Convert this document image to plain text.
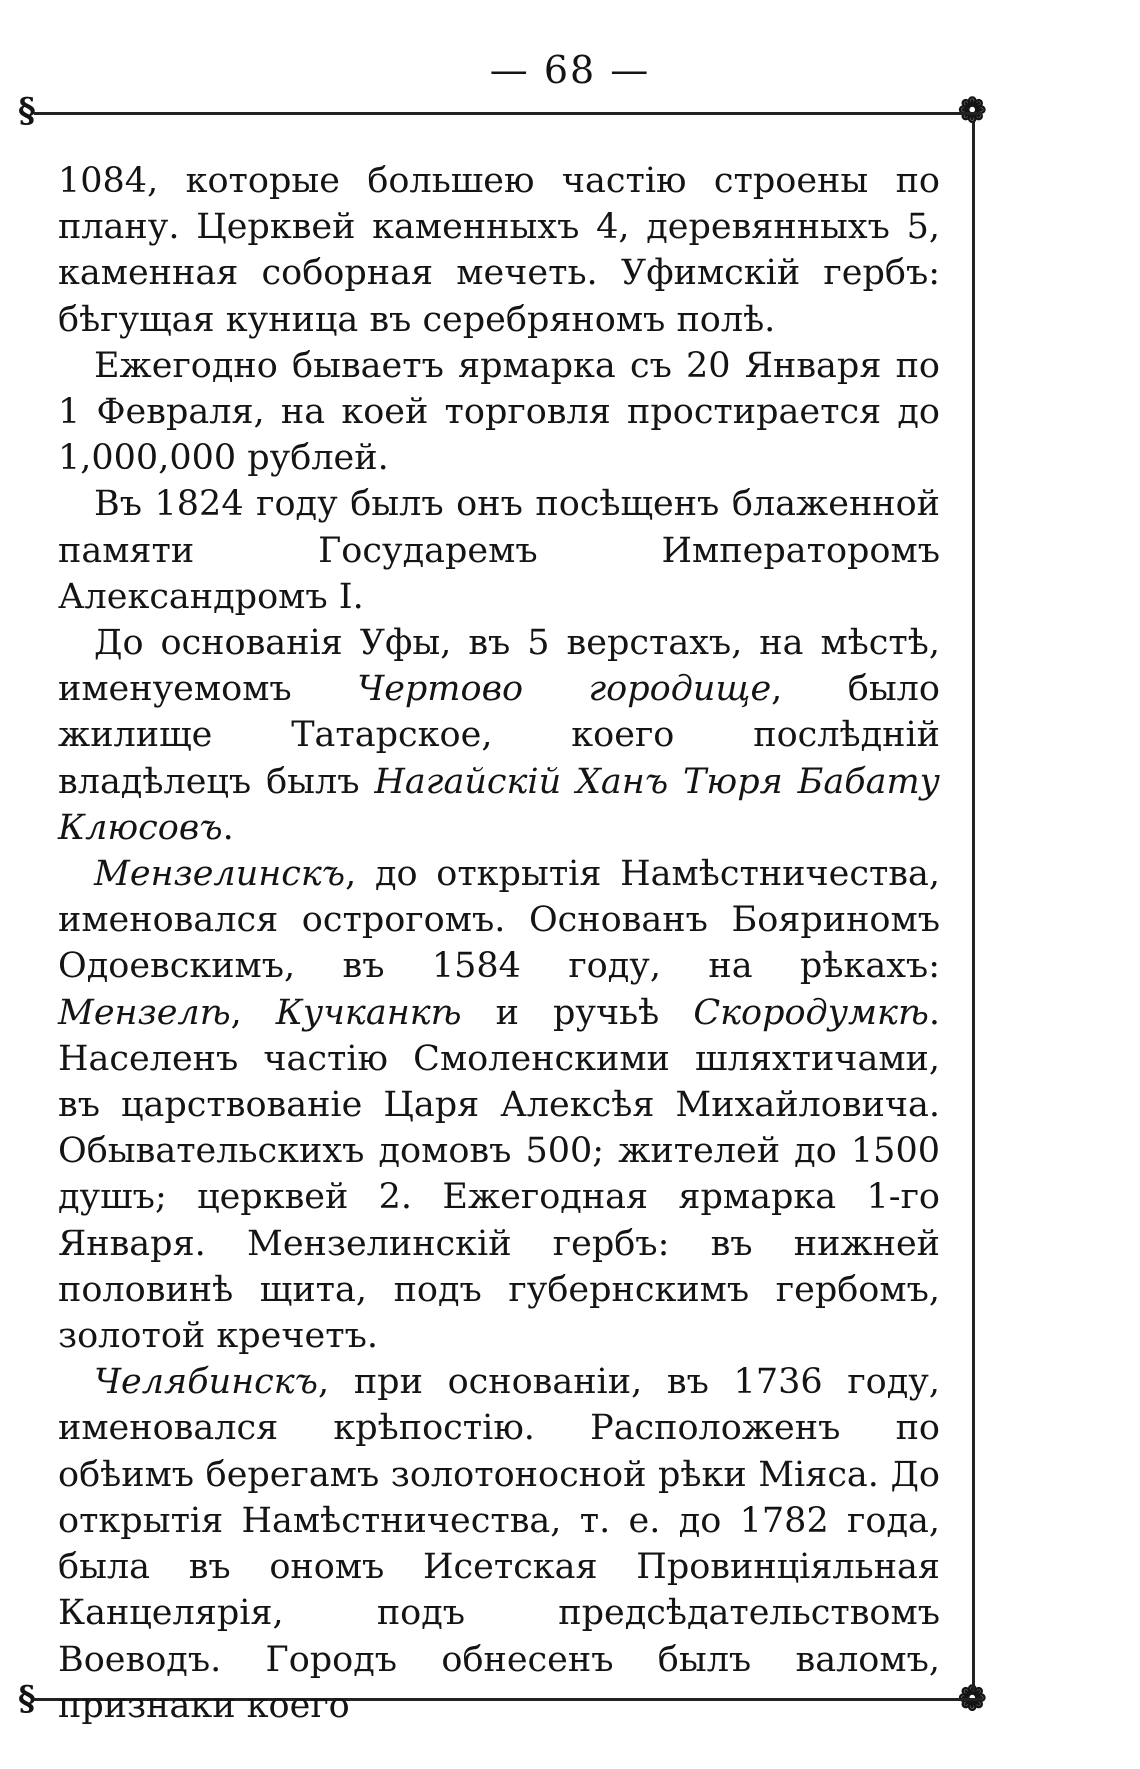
— 68 —
§	❁
§	❁

1084, которые большею частію строены по плану. Церквей каменныхъ 4, деревянныхъ 5, каменная соборная мечеть. Уфимскій гербъ: бѣгущая куница въ серебряномъ полѣ.

Ежегодно бываетъ ярмарка съ 20 Января по 1 Февраля, на коей торговля простирается до 1,000,000 рублей.

Въ 1824 году былъ онъ посѣщенъ блаженной памяти Государемъ Императоромъ Александромъ I.

До основанія Уфы, въ 5 верстахъ, на мѣстѣ, именуемомъ Чертово городище, было жилище Татарское, коего послѣдній владѣлецъ былъ Нагайскій Ханъ Тюря Бабату Клюсовъ.

Мензелинскъ, до открытія Намѣстничества, именовался острогомъ. Основанъ Бояриномъ Одоевскимъ, въ 1584 году, на рѣкахъ: Мензелѣ, Кучканкѣ и ручьѣ Скородумкѣ. Населенъ частію Смоленскими шляхтичами, въ царствованіе Царя Алексѣя Михайловича. Обывательскихъ домовъ 500; жителей до 1500 душъ; церквей 2. Ежегодная ярмарка 1-го Января. Мензелинскій гербъ: въ нижней половинѣ щита, подъ губернскимъ гербомъ, золотой кречетъ.

Челябинскъ, при основаніи, въ 1736 году, именовался крѣпостію. Расположенъ по обѣимъ берегамъ золотоносной рѣки Міяса. До открытія Намѣстничества, т. е. до 1782 года, была въ ономъ Исетская Провинціяльная Канцелярія, подъ предсѣдательствомъ Воеводъ. Городъ обнесенъ былъ валомъ, признаки коего
